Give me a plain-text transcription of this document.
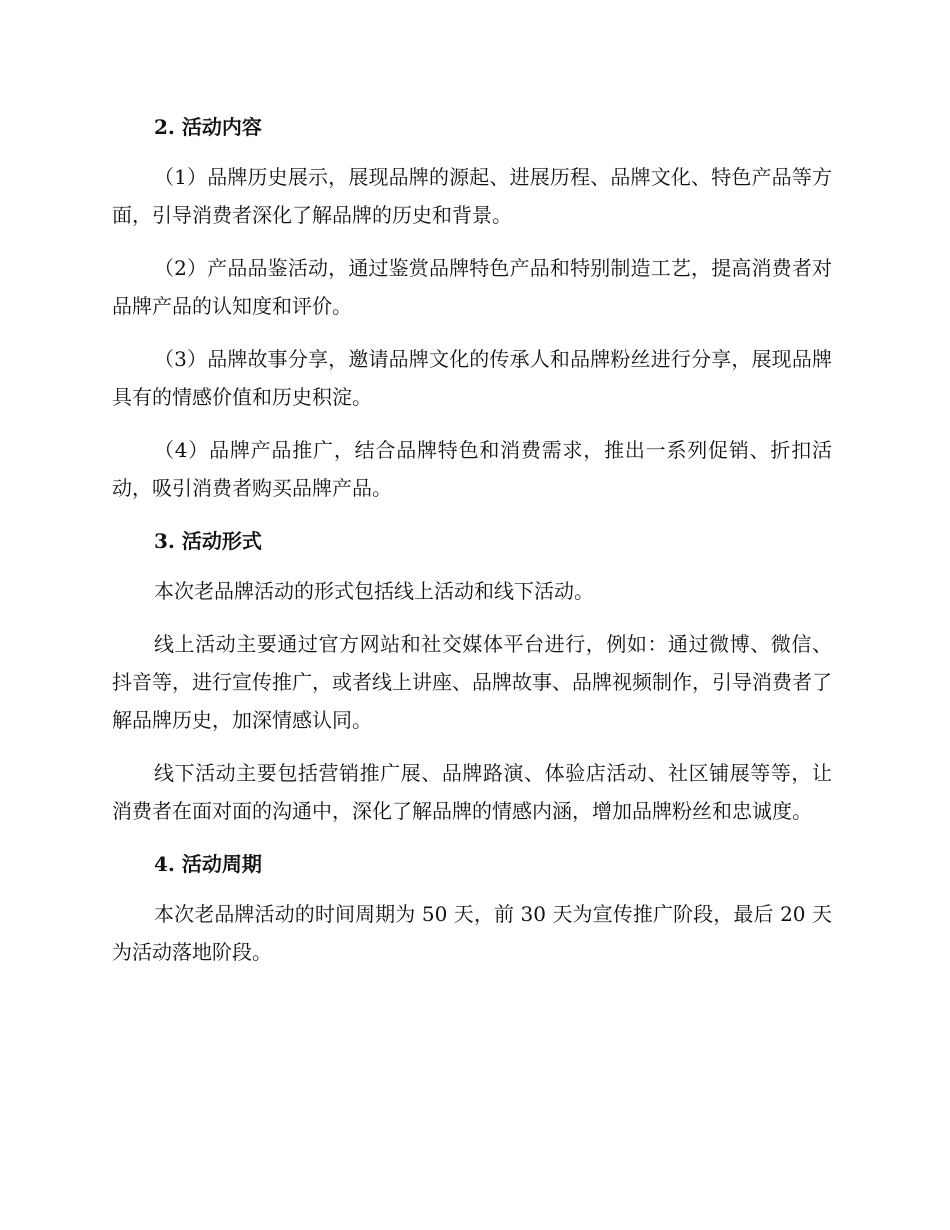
2. 活动内容

（1）品牌历史展示，展现品牌的源起、进展历程、品牌文化、特色产品等方面，引导消费者深化了解品牌的历史和背景。

（2）产品品鉴活动，通过鉴赏品牌特色产品和特别制造工艺，提高消费者对品牌产品的认知度和评价。

（3）品牌故事分享，邀请品牌文化的传承人和品牌粉丝进行分享，展现品牌具有的情感价值和历史积淀。

（4）品牌产品推广，结合品牌特色和消费需求，推出一系列促销、折扣活动，吸引消费者购买品牌产品。

3. 活动形式

本次老品牌活动的形式包括线上活动和线下活动。

线上活动主要通过官方网站和社交媒体平台进行，例如：通过微博、微信、抖音等，进行宣传推广，或者线上讲座、品牌故事、品牌视频制作，引导消费者了解品牌历史，加深情感认同。

线下活动主要包括营销推广展、品牌路演、体验店活动、社区铺展等等，让消费者在面对面的沟通中，深化了解品牌的情感内涵，增加品牌粉丝和忠诚度。

4. 活动周期

本次老品牌活动的时间周期为 50 天，前 30 天为宣传推广阶段，最后 20 天为活动落地阶段。
